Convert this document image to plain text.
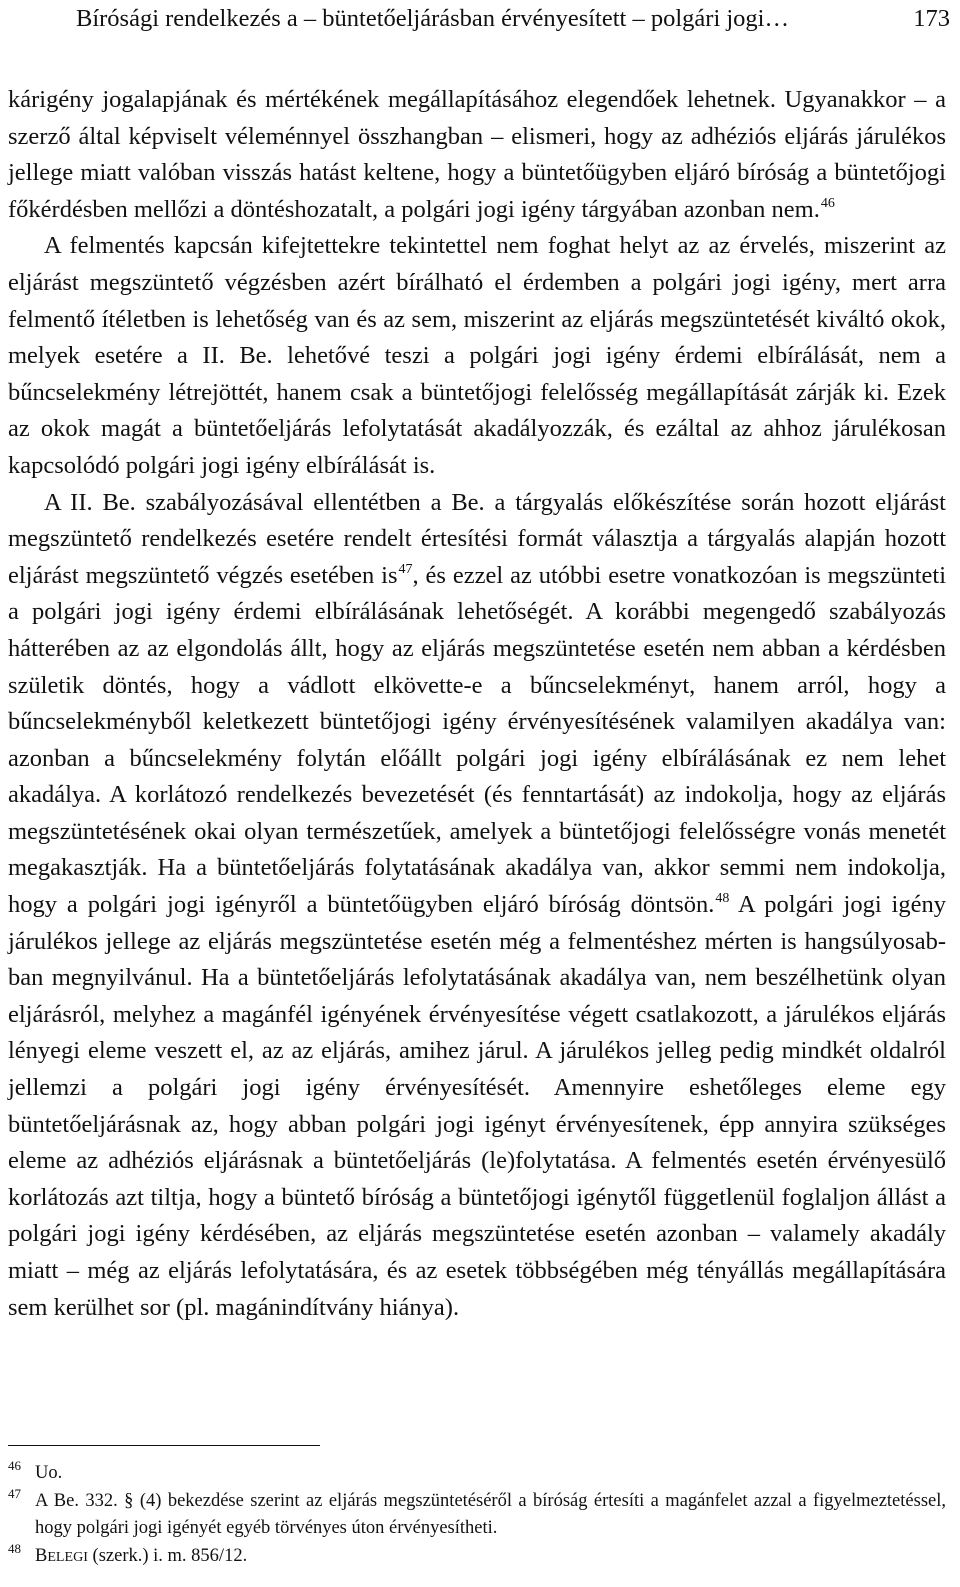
Bírósági rendelkezés a – büntetőeljárásban érvényesített – polgári jogi…	173

kárigény jogalapjának és mértékének megállapításához elegendőek lehetnek. Ugyanakkor – a szerző által képviselt véleménnyel összhangban – elismeri, hogy az adhéziós eljárás járulékos jellege miatt valóban visszás hatást keltene, hogy a büntetőügyben eljáró bíróság a büntetőjogi főkérdésben mellőzi a döntéshozatalt, a polgári jogi igény tárgyában azonban nem.$^{46}$

A felmentés kapcsán kifejtettekre tekintettel nem foghat helyt az az érvelés, miszerint az eljárást megszüntető végzésben azért bírálható el érdemben a polgári jogi igény, mert arra felmentő ítéletben is lehetőség van és az sem, miszerint az eljárás megszüntetését kiváltó okok, melyek esetére a II. Be. lehetővé teszi a polgári jogi igény érdemi elbírálását, nem a bűncselekmény létrejöttét, hanem csak a büntetőjogi felelősség megállapítását zárják ki. Ezek az okok magát a büntetőeljárás lefolytatását akadályozzák, és ezáltal az ahhoz járulékosan kapcsolódó polgári jogi igény elbírálását is.

A II. Be. szabályozásával ellentétben a Be. a tárgyalás előkészítése során hozott eljárást megszüntető rendelkezés esetére rendelt értesítési formát választja a tárgyalás alapján hozott eljárást megszüntető végzés esetében is$^{47}$, és ezzel az utóbbi esetre vonatkozóan is megszünteti a polgári jogi igény érdemi elbírálásának lehetőségét. A korábbi megengedő szabályozás hátterében az az elgondolás állt, hogy az eljárás megszüntetése esetén nem abban a kérdésben születik döntés, hogy a vádlott elkövette-e a bűncselekményt, hanem arról, hogy a bűncselekményből keletkezett büntetőjogi igény érvényesítésének valamilyen akadálya van: azonban a bűncselekmény folytán előállt polgári jogi igény elbírálásának ez nem lehet akadálya. A korlátozó rendelkezés bevezetését (és fenntartását) az indokolja, hogy az eljárás megszüntetésének okai olyan természetűek, amelyek a büntetőjogi felelősségre vonás menetét megakasztják. Ha a büntetőeljárás folytatásának akadálya van, akkor semmi nem indokolja, hogy a polgári jogi igényről a büntetőügyben eljáró bíróság döntsön.$^{48}$ A polgári jogi igény járulékos jellege az eljárás megszüntetése esetén még a felmentéshez mérten is hangsúlyosabban megnyilvánul. Ha a büntetőeljárás lefolytatásának akadálya van, nem beszélhetünk olyan eljárásról, melyhez a magánfél igényének érvényesítése végett csatlakozott, a járulékos eljárás lényegi eleme veszett el, az az eljárás, amihez járul. A járulékos jelleg pedig mindkét oldalról jellemzi a polgári jogi igény érvényesítését. Amennyire eshetőleges eleme egy büntetőeljárásnak az, hogy abban polgári jogi igényt érvényesítenek, épp annyira szükséges eleme az adhéziós eljárásnak a büntetőeljárás (le)folytatása. A felmentés esetén érvényesülő korlátozás azt tiltja, hogy a büntető bíróság a büntetőjogi igénytől függetlenül foglaljon állást a polgári jogi igény kérdésében, az eljárás megszüntetése esetén azonban – valamely akadály miatt – még az eljárás lefolytatására, és az esetek többségében még tényállás megállapítására sem kerülhet sor (pl. magánindítvány hiánya).

46 Uo.

47 A Be. 332. § (4) bekezdése szerint az eljárás megszüntetéséről a bíróság értesíti a magánfelet azzal a figyelmeztetéssel, hogy polgári jogi igényét egyéb törvényes úton érvényesítheti.

48 BELEGI (szerk.) i. m. 856/12.
